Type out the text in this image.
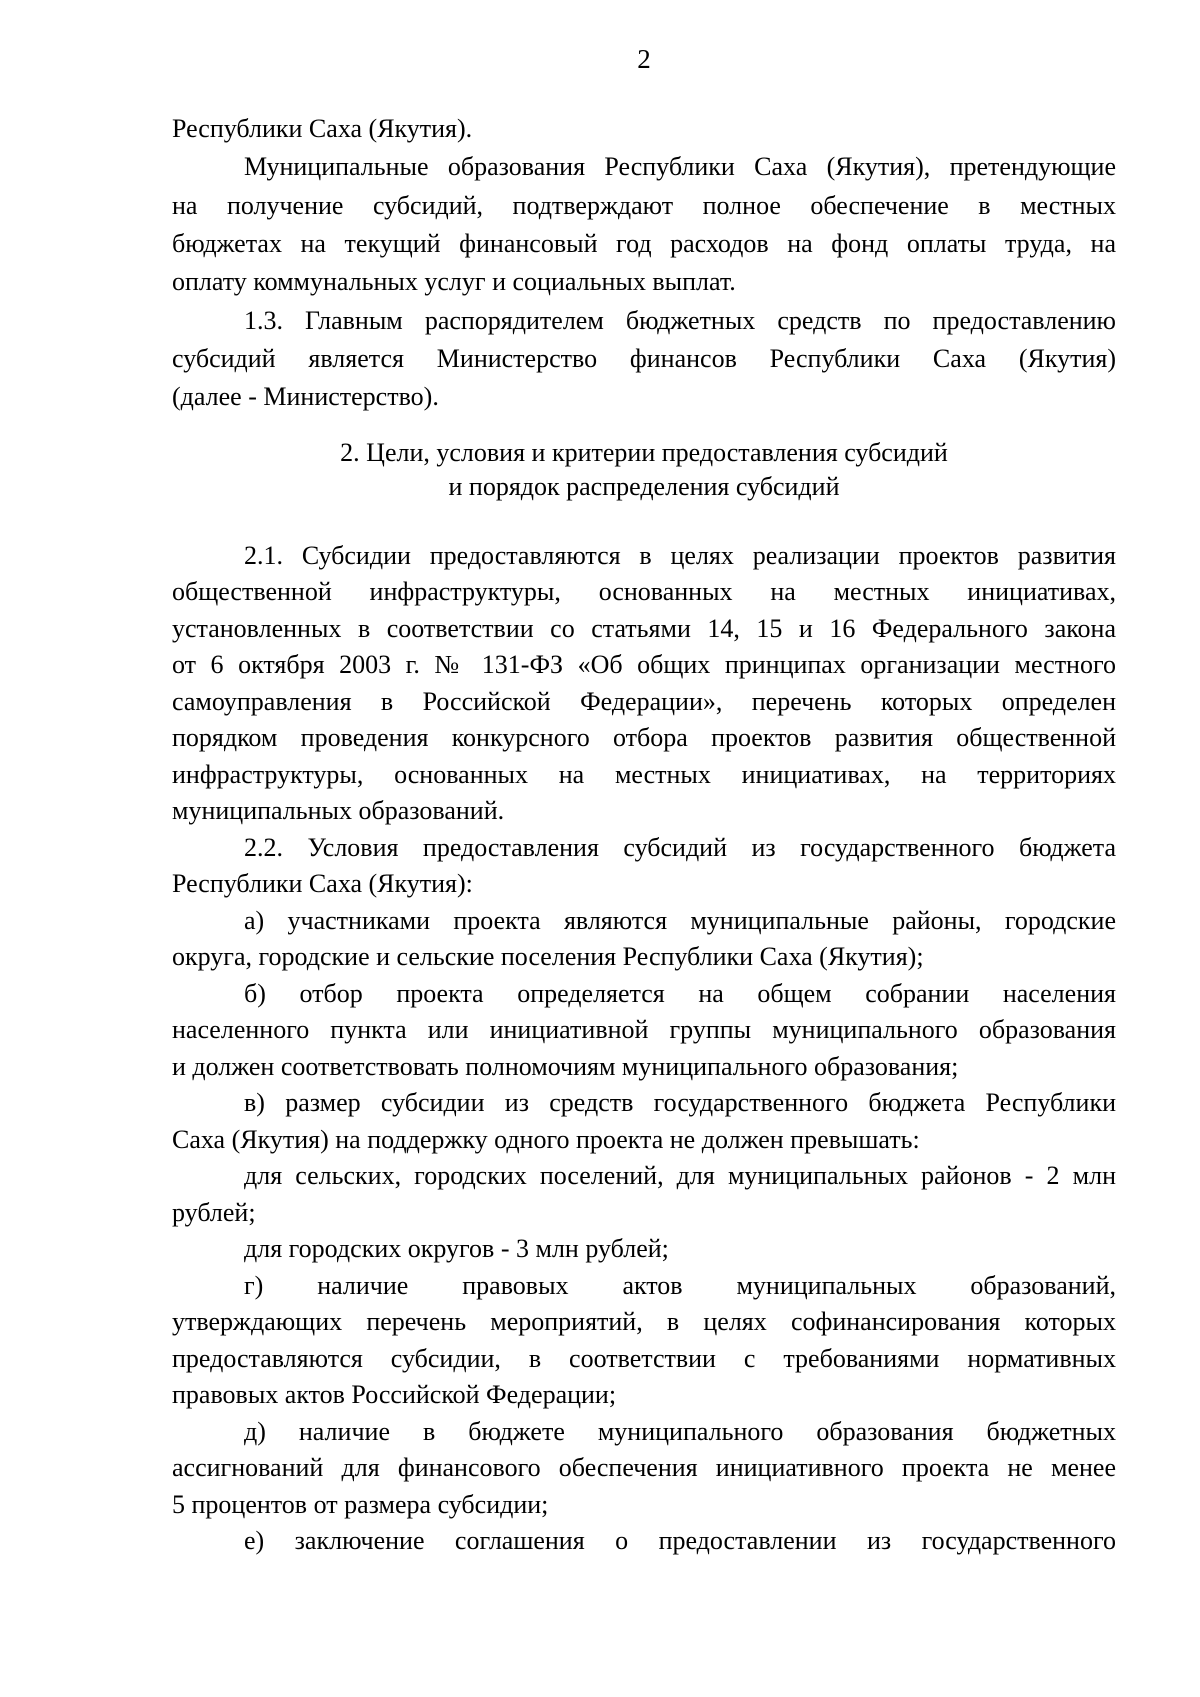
2
Республики Саха (Якутия).
Муниципальные образования Республики Саха (Якутия), претендующие
на получение субсидий, подтверждают полное обеспечение в местных
бюджетах на текущий финансовый год расходов на фонд оплаты труда, на
оплату коммунальных услуг и социальных выплат.
1.3. Главным распорядителем бюджетных средств по предоставлению
субсидий является Министерство финансов Республики Саха (Якутия)
(далее - Министерство).
2. Цели, условия и критерии предоставления субсидий
и порядок распределения субсидий
2.1. Субсидии предоставляются в целях реализации проектов развития
общественной инфраструктуры, основанных на местных инициативах,
установленных в соответствии со статьями 14, 15 и 16 Федерального закона
от 6 октября 2003 г. № 131-ФЗ «Об общих принципах организации местного
самоуправления в Российской Федерации», перечень которых определен
порядком проведения конкурсного отбора проектов развития общественной
инфраструктуры, основанных на местных инициативах, на территориях
муниципальных образований.
2.2. Условия предоставления субсидий из государственного бюджета
Республики Саха (Якутия):
а) участниками проекта являются муниципальные районы, городские
округа, городские и сельские поселения Республики Саха (Якутия);
б) отбор проекта определяется на общем собрании населения
населенного пункта или инициативной группы муниципального образования
и должен соответствовать полномочиям муниципального образования;
в) размер субсидии из средств государственного бюджета Республики
Саха (Якутия) на поддержку одного проекта не должен превышать:
для сельских, городских поселений, для муниципальных районов - 2 млн
рублей;
для городских округов - 3 млн рублей;
г) наличие правовых актов муниципальных образований,
утверждающих перечень мероприятий, в целях софинансирования которых
предоставляются субсидии, в соответствии с требованиями нормативных
правовых актов Российской Федерации;
д) наличие в бюджете муниципального образования бюджетных
ассигнований для финансового обеспечения инициативного проекта не менее
5 процентов от размера субсидии;
е) заключение соглашения о предоставлении из государственного
